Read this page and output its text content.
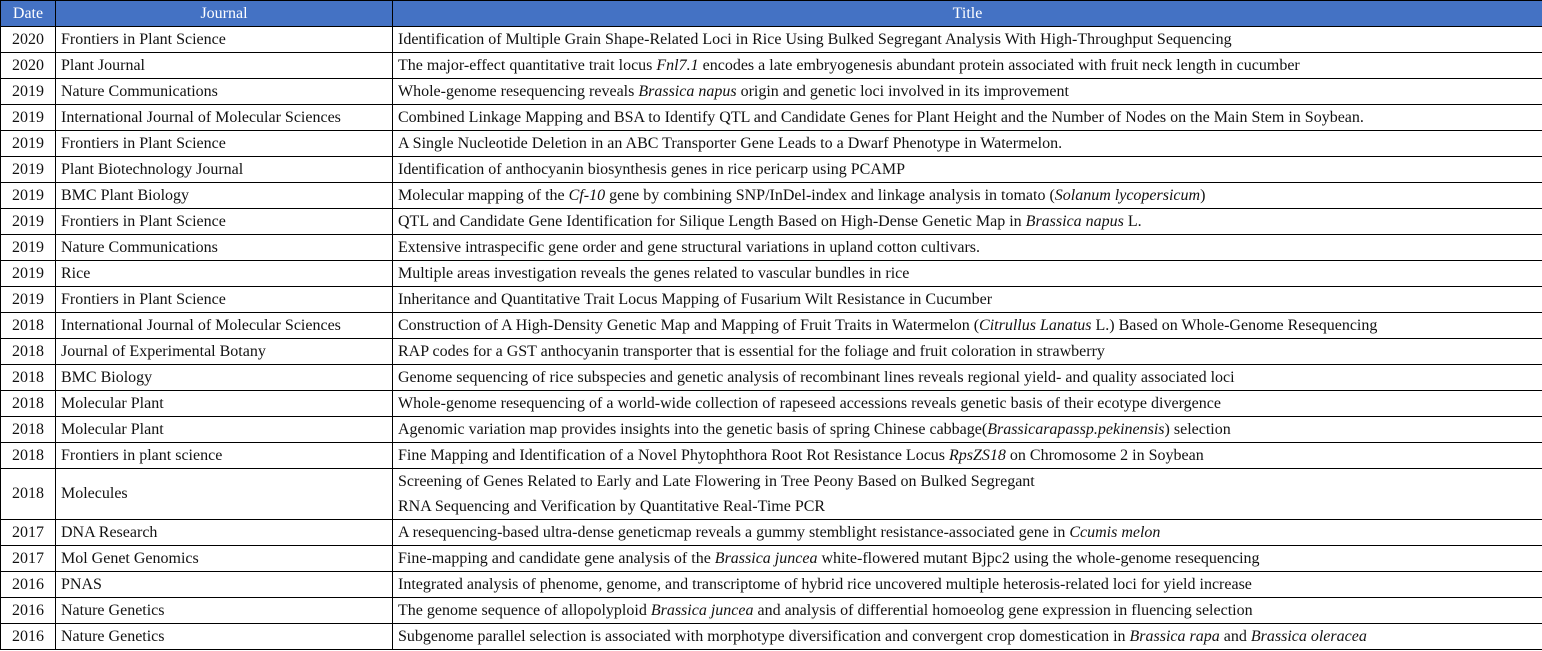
Date	Journal	Title
2020	Frontiers in Plant Science	Identification of Multiple Grain Shape-Related Loci in Rice Using Bulked Segregant Analysis With High-Throughput Sequencing

2020	Plant Journal	The major-effect quantitative trait locus Fnl7.1 encodes a late embryogenesis abundant protein associated with fruit neck length in cucumber

2019	Nature Communications	Whole-genome resequencing reveals Brassica napus origin and genetic loci involved in its improvement

2019	International Journal of Molecular Sciences	Combined Linkage Mapping and BSA to Identify QTL and Candidate Genes for Plant Height and the Number of Nodes on the Main Stem in Soybean.

2019	Frontiers in Plant Science	A Single Nucleotide Deletion in an ABC Transporter Gene Leads to a Dwarf Phenotype in Watermelon.

2019	Plant Biotechnology Journal	Identification of anthocyanin biosynthesis genes in rice pericarp using PCAMP

2019	BMC Plant Biology	Molecular mapping of the Cf-10 gene by combining SNP/InDel-index and linkage analysis in tomato (Solanum lycopersicum)

2019	Frontiers in Plant Science	QTL and Candidate Gene Identification for Silique Length Based on High-Dense Genetic Map in Brassica napus L.

2019	Nature Communications	Extensive intraspecific gene order and gene structural variations in upland cotton cultivars.

2019	Rice	Multiple areas investigation reveals the genes related to vascular bundles in rice

2019	Frontiers in Plant Science	Inheritance and Quantitative Trait Locus Mapping of Fusarium Wilt Resistance in Cucumber

2018	International Journal of Molecular Sciences	Construction of A High-Density Genetic Map and Mapping of Fruit Traits in Watermelon (Citrullus Lanatus L.) Based on Whole-Genome Resequencing

2018	Journal of Experimental Botany	RAP codes for a GST anthocyanin transporter that is essential for the foliage and fruit coloration in strawberry

2018	BMC Biology	Genome sequencing of rice subspecies and genetic analysis of recombinant lines reveals regional yield- and quality associated loci

2018	Molecular Plant	Whole-genome resequencing of a world-wide collection of rapeseed accessions reveals genetic basis of their ecotype divergence

2018	Molecular Plant	Agenomic variation map provides insights into the genetic basis of spring Chinese cabbage(Brassicarapassp.pekinensis) selection

2018	Frontiers in plant science	Fine Mapping and Identification of a Novel Phytophthora Root Rot Resistance Locus RpsZS18 on Chromosome 2 in Soybean

2018	Molecules	Screening of Genes Related to Early and Late Flowering in Tree Peony Based on Bulked Segregant
RNA Sequencing and Verification by Quantitative Real-Time PCR

2017	DNA Research	A resequencing-based ultra-dense geneticmap reveals a gummy stemblight resistance-associated gene in Ccumis melon

2017	Mol Genet Genomics	Fine-mapping and candidate gene analysis of the Brassica juncea white-flowered mutant Bjpc2 using the whole-genome resequencing

2016	PNAS	Integrated analysis of phenome, genome, and transcriptome of hybrid rice uncovered multiple heterosis-related loci for yield increase

2016	Nature Genetics	The genome sequence of allopolyploid Brassica juncea and analysis of differential homoeolog gene expression in fluencing selection

2016	Nature Genetics	Subgenome parallel selection is associated with morphotype diversification and convergent crop domestication in Brassica rapa and Brassica oleracea
